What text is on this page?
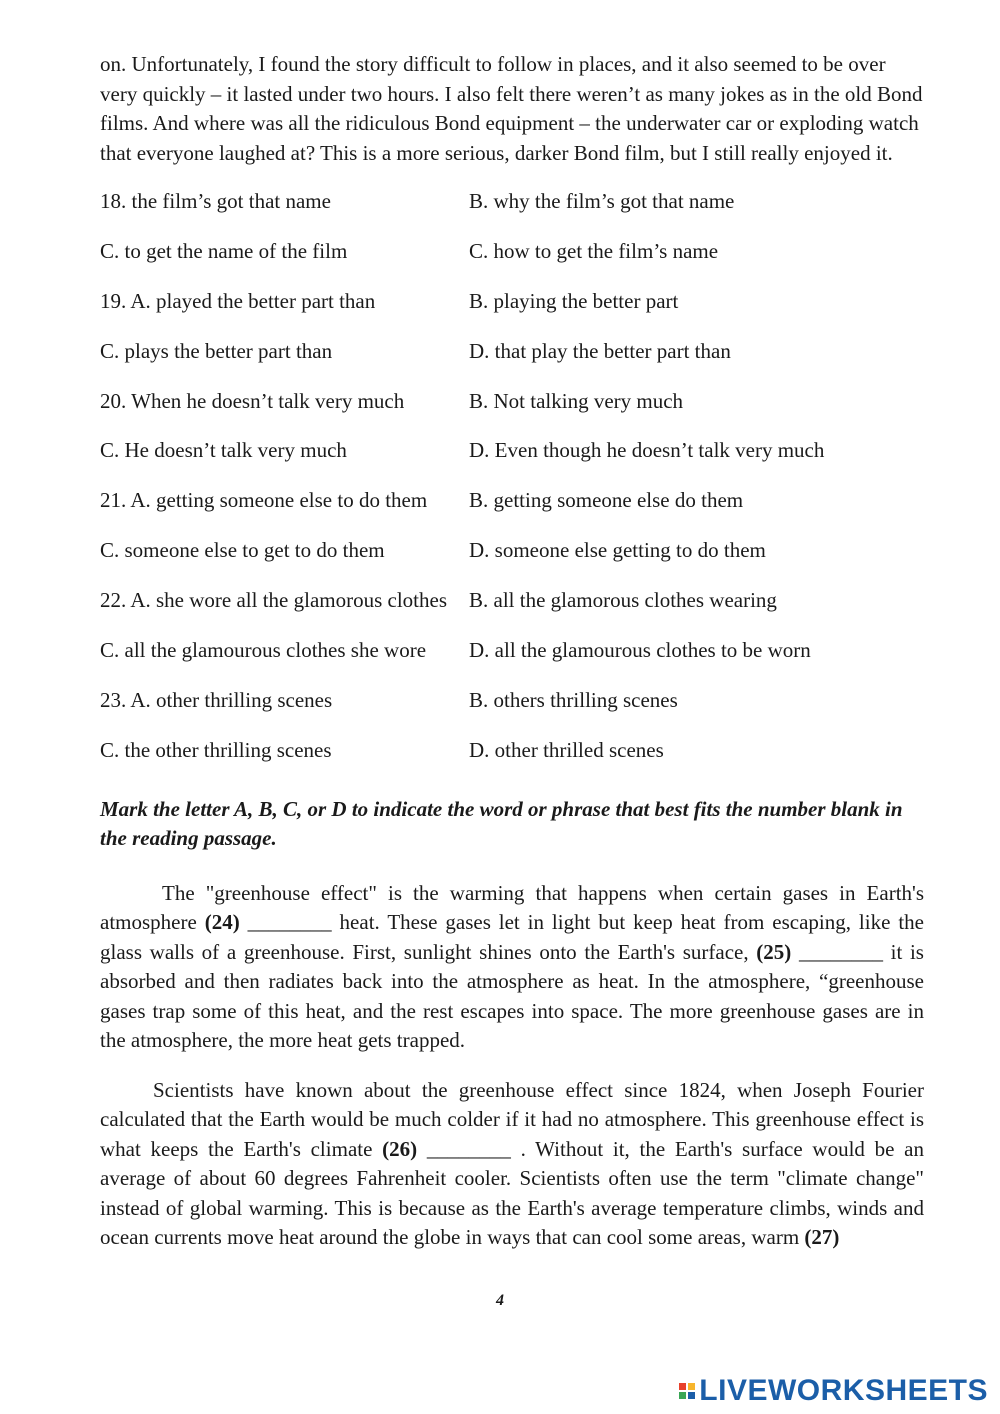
on. Unfortunately, I found the story difficult to follow in places, and it also seemed to be over very quickly – it lasted under two hours. I also felt there weren’t as many jokes as in the old Bond films. And where was all the ridiculous Bond equipment – the underwater car or exploding watch that everyone laughed at? This is a more serious, darker Bond film, but I still really enjoyed it.

18. the film’s got that name	B. why the film’s got that name
C. to get the name of the film	C. how to get the film’s name
19. A. played the better part than	B. playing the better part
C. plays the better part than	D. that play the better part than
20. When he doesn’t talk very much	B. Not talking very much
C. He doesn’t talk very much	D. Even though he doesn’t talk very much
21. A. getting someone else to do them	B. getting someone else do them
C. someone else to get to do them	D. someone else getting to do them
22. A. she wore all the glamorous clothes	B. all the glamorous clothes wearing
C. all the glamourous clothes she wore	D. all the glamourous clothes to be worn
23. A. other thrilling scenes	B. others thrilling scenes
C. the other thrilling scenes	D. other thrilled scenes

Mark the letter A, B, C, or D to indicate the word or phrase that best fits the number blank in the reading passage.

The "greenhouse effect" is the warming that happens when certain gases in Earth's atmosphere (24) ________ heat. These gases let in light but keep heat from escaping, like the glass walls of a greenhouse. First, sunlight shines onto the Earth's surface, (25) ________ it is absorbed and then radiates back into the atmosphere as heat. In the atmosphere, “greenhouse gases trap some of this heat, and the rest escapes into space. The more greenhouse gases are in the atmosphere, the more heat gets trapped.

Scientists have known about the greenhouse effect since 1824, when Joseph Fourier calculated that the Earth would be much colder if it had no atmosphere. This greenhouse effect is what keeps the Earth's climate (26) ________ . Without it, the Earth's surface would be an average of about 60 degrees Fahrenheit cooler. Scientists often use the term "climate change" instead of global warming. This is because as the Earth's average temperature climbs, winds and ocean currents move heat around the globe in ways that can cool some areas, warm (27)

4
LIVEWORKSHEETS
